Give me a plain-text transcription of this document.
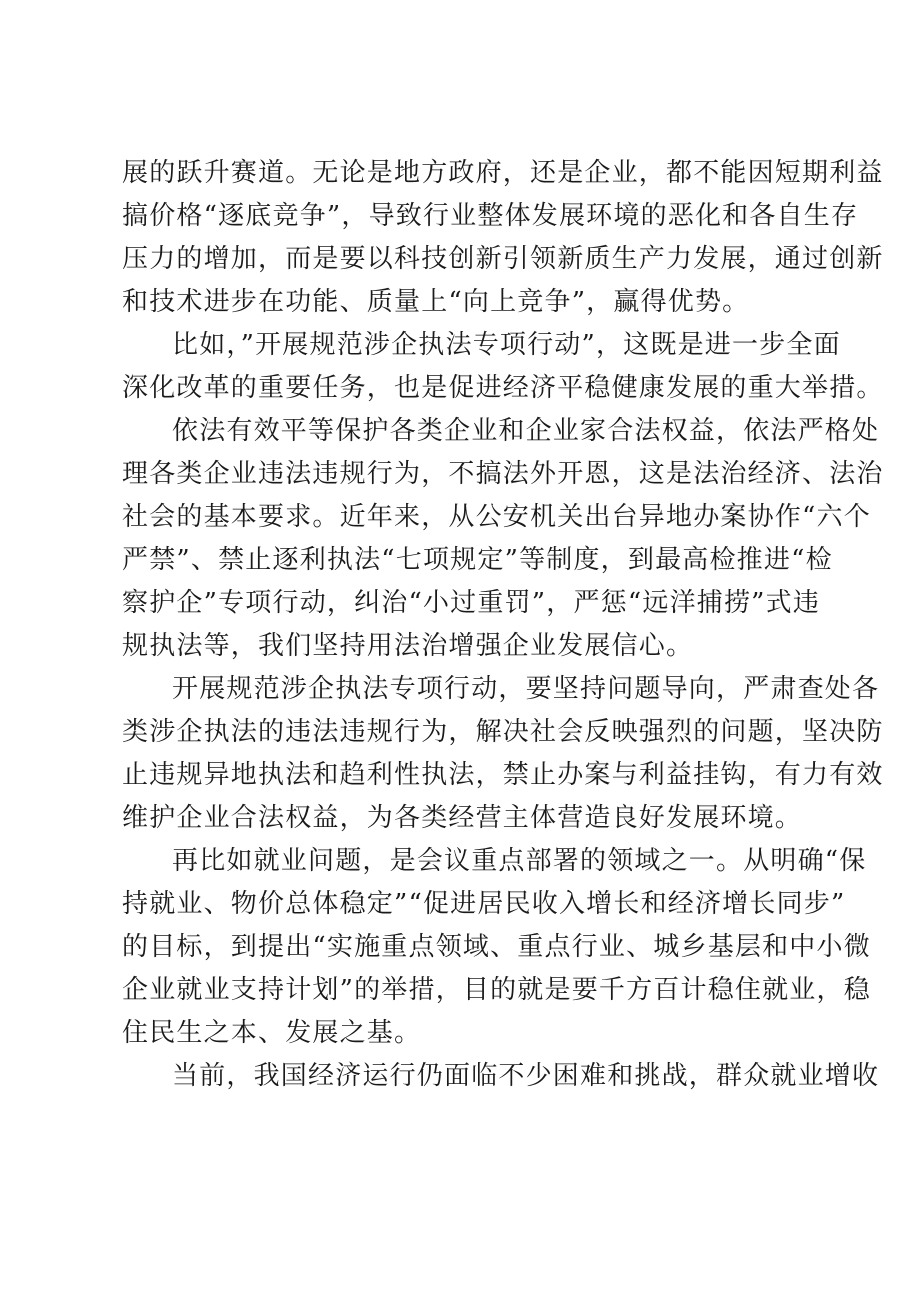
展的跃升赛道。无论是地方政府，还是企业，都不能因短期利益
搞价格“逐底竞争”，导致行业整体发展环境的恶化和各自生存
压力的增加，而是要以科技创新引领新质生产力发展，通过创新
和技术进步在功能、质量上“向上竞争”，赢得优势。
比如，”开展规范涉企执法专项行动”，这既是进一步全面
深化改革的重要任务，也是促进经济平稳健康发展的重大举措。
依法有效平等保护各类企业和企业家合法权益，依法严格处
理各类企业违法违规行为，不搞法外开恩，这是法治经济、法治
社会的基本要求。近年来，从公安机关出台异地办案协作“六个
严禁”、禁止逐利执法“七项规定”等制度，到最高检推进“检
察护企”专项行动，纠治“小过重罚”，严惩“远洋捕捞”式违
规执法等，我们坚持用法治增强企业发展信心。
开展规范涉企执法专项行动，要坚持问题导向，严肃查处各
类涉企执法的违法违规行为，解决社会反映强烈的问题，坚决防
止违规异地执法和趋利性执法，禁止办案与利益挂钩，有力有效
维护企业合法权益，为各类经营主体营造良好发展环境。
再比如就业问题，是会议重点部署的领域之一。从明确“保
持就业、物价总体稳定”“促进居民收入增长和经济增长同步”
的目标，到提出“实施重点领域、重点行业、城乡基层和中小微
企业就业支持计划”的举措，目的就是要千方百计稳住就业，稳
住民生之本、发展之基。
当前，我国经济运行仍面临不少困难和挑战，群众就业增收
